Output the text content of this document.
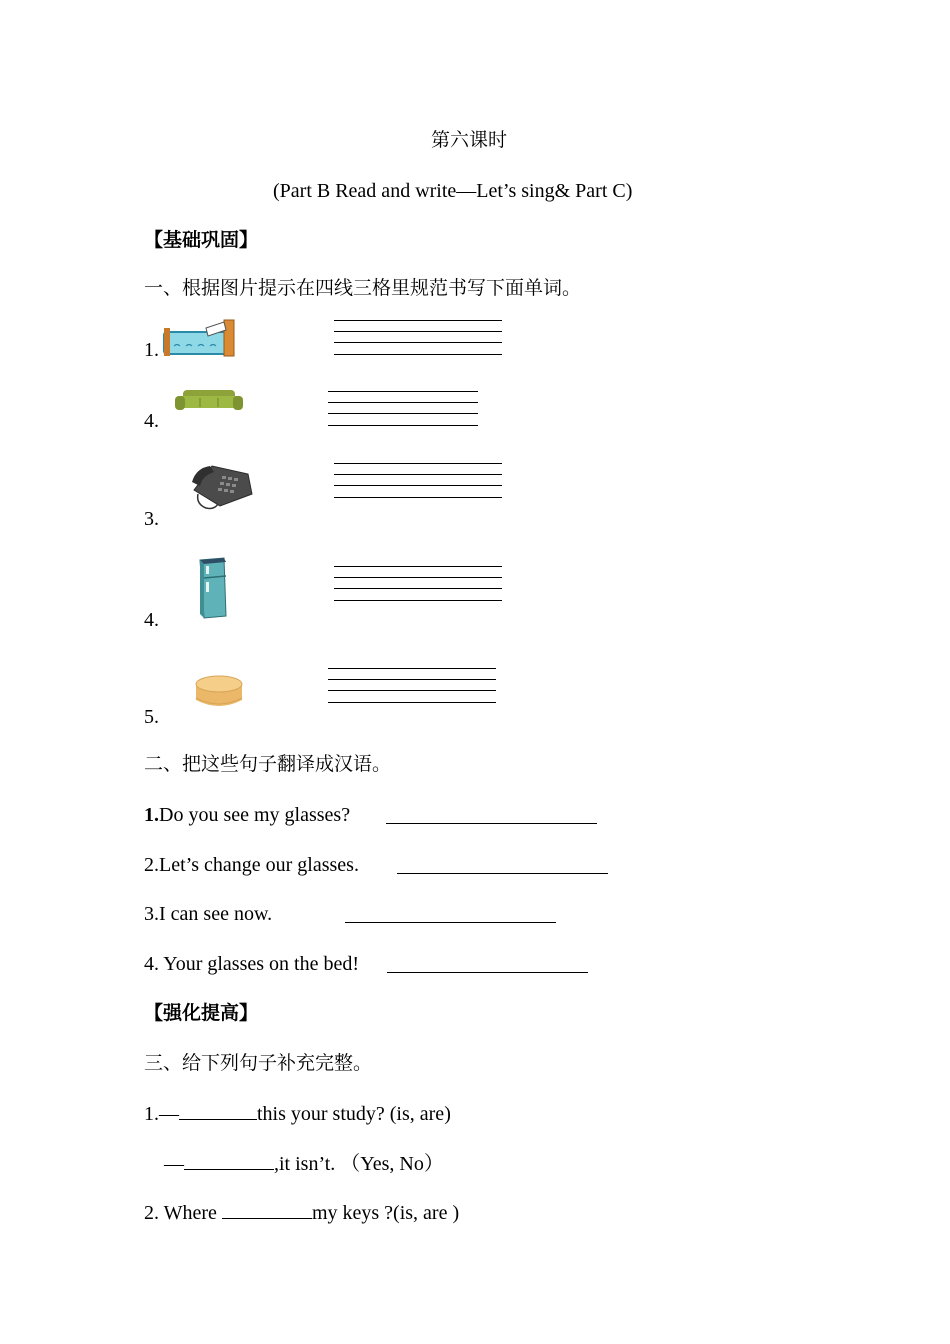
第六课时
(Part B Read and write—Let’s sing& Part C)
【基础巩固】
一、根据图片提示在四线三格里规范书写下面单词。
1.
4.
3.
4.
5.
二、把这些句子翻译成汉语。
1.Do you see my glasses?
2.Let’s change our glasses.
3.I can see now.
4. Your glasses on the bed!
【强化提高】
三、给下列句子补充完整。
1.—	this your study? (is, are)
—	,it isn’t. （Yes, No）
2. Where	my keys ?(is, are )
